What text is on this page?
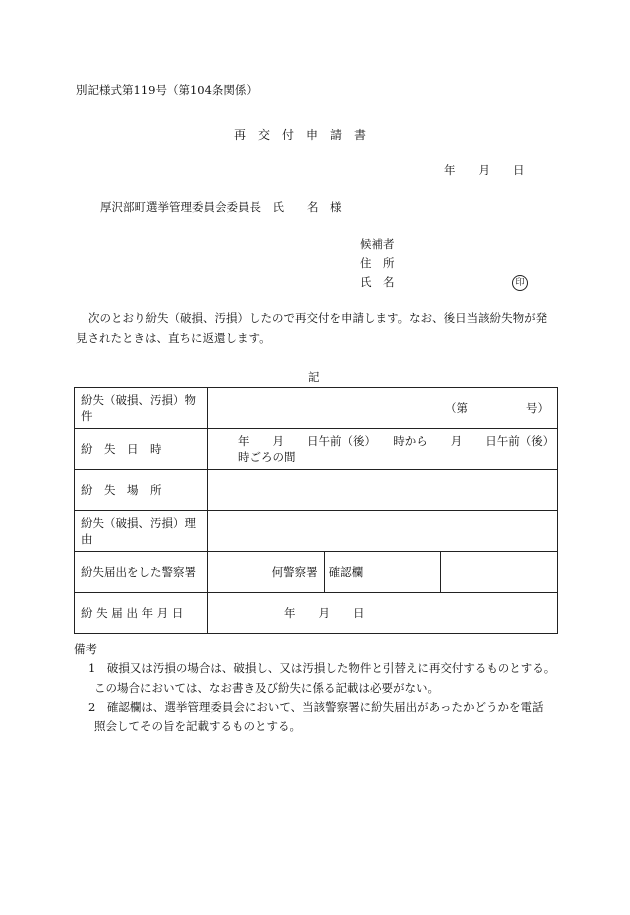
別記様式第119号（第104条関係）
再　交　付　申　請　書
年　　月　　日
厚沢部町選挙管理委員会委員長　氏　　名　様
候補者
住　所
氏　名	印
次のとおり紛失（破損、汚損）したので再交付を申請します。なお、後日当該紛失物が発
見されたときは、直ちに返還します。
記
紛失（破損、汚損）物件	（第 号）		

紛　失　日　時	年　　月　　日午前（後）　　時から　　月　　日午前（後）
時ごろの間		

紛　失　場　所			
紛失（破損、汚損）理由			
紛失届出をした警察署	何警察署	確認欄	
紛 失 届 出 年 月 日	年　　月　　日		
備考
1　破損又は汚損の場合は、破損し、又は汚損した物件と引替えに再交付するものとする。
この場合においては、なお書き及び紛失に係る記載は必要がない。
2　確認欄は、選挙管理委員会において、当該警察署に紛失届出があったかどうかを電話
照会してその旨を記載するものとする。
